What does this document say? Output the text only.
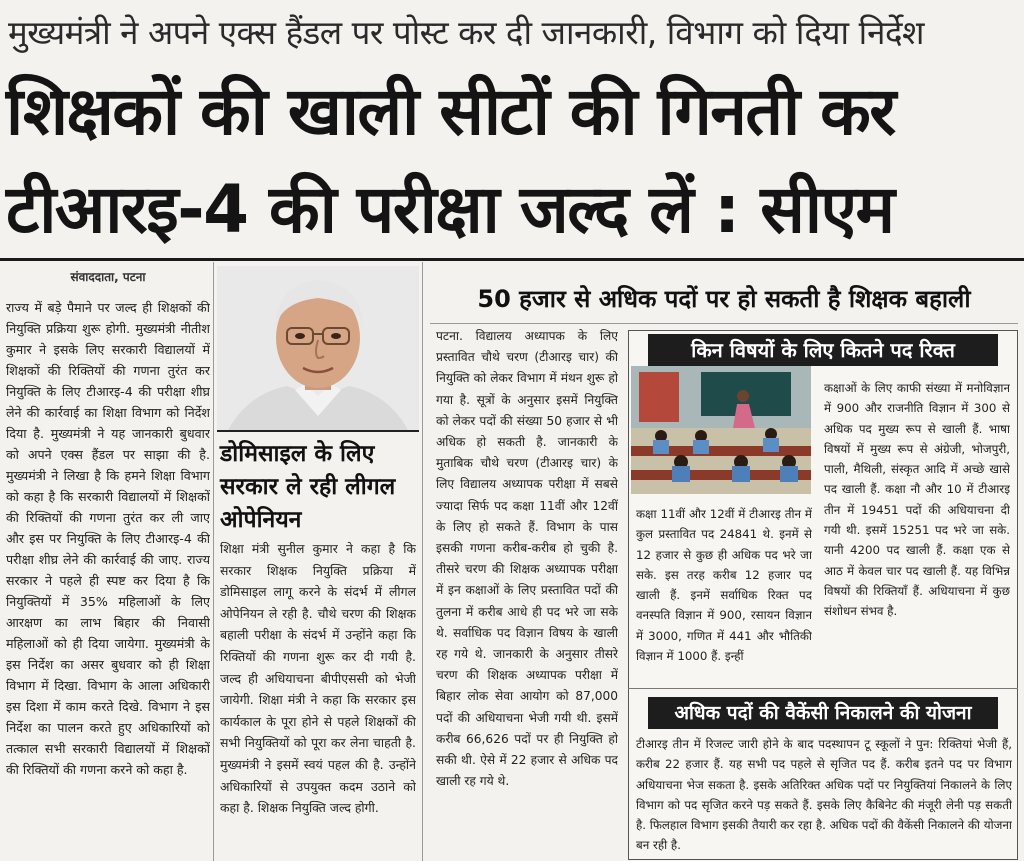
मुख्यमंत्री ने अपने एक्स हैंडल पर पोस्ट कर दी जानकारी, विभाग को दिया निर्देश
शिक्षकों की खाली सीटों की गिनती कर
टीआरइ-4 की परीक्षा जल्द लें : सीएम
संवाददाता, पटना
राज्य में बड़े पैमाने पर जल्द ही शिक्षकों की नियुक्ति प्रक्रिया शुरू होगी. मुख्यमंत्री नीतीश कुमार ने इसके लिए सरकारी विद्यालयों में शिक्षकों की रिक्तियों की गणना तुरंत कर नियुक्ति के लिए टीआरइ-4 की परीक्षा शीघ्र लेने की कार्रवाई का शिक्षा विभाग को निर्देश दिया है. मुख्यमंत्री ने यह जानकारी बुधवार को अपने एक्स हैंडल पर साझा की है. मुख्यमंत्री ने लिखा है कि हमने शिक्षा विभाग को कहा है कि सरकारी विद्यालयों में शिक्षकों की रिक्तियों की गणना तुरंत कर ली जाए और इस पर नियुक्ति के लिए टीआरइ-4 की परीक्षा शीघ्र लेने की कार्रवाई की जाए. राज्य सरकार ने पहले ही स्पष्ट कर दिया है कि नियुक्तियों में 35% महिलाओं के लिए आरक्षण का लाभ बिहार की निवासी महिलाओं को ही दिया जायेगा. मुख्यमंत्री के इस निर्देश का असर बुधवार को ही शिक्षा विभाग में दिखा. विभाग के आला अधिकारी इस दिशा में काम करते दिखे. विभाग ने इस निर्देश का पालन करते हुए अधिकारियों को तत्काल सभी सरकारी विद्यालयों में शिक्षकों की रिक्तियों की गणना करने को कहा है.
डोमिसाइल के लिए सरकार ले रही लीगल ओपेनियन
शिक्षा मंत्री सुनील कुमार ने कहा है कि सरकार शिक्षक नियुक्ति प्रक्रिया में डोमिसाइल लागू करने के संदर्भ में लीगल ओपेनियन ले रही है. चौथे चरण की शिक्षक बहाली परीक्षा के संदर्भ में उन्होंने कहा कि रिक्तियों की गणना शुरू कर दी गयी है. जल्द ही अधियाचना बीपीएससी को भेजी जायेगी. शिक्षा मंत्री ने कहा कि सरकार इस कार्यकाल के पूरा होने से पहले शिक्षकों की सभी नियुक्तियों को पूरा कर लेना चाहती है. मुख्यमंत्री ने इसमें स्वयं पहल की है. उन्होंने अधिकारियों से उपयुक्त कदम उठाने को कहा है. शिक्षक नियुक्ति जल्द होगी.
50 हजार से अधिक पदों पर हो सकती है शिक्षक बहाली
पटना. विद्यालय अध्यापक के लिए प्रस्तावित चौथे चरण (टीआरइ चार) की नियुक्ति को लेकर विभाग में मंथन शुरू हो गया है. सूत्रों के अनुसार इसमें नियुक्ति को लेकर पदों की संख्या 50 हजार से भी अधिक हो सकती है. जानकारी के मुताबिक चौथे चरण (टीआरइ चार) के लिए विद्यालय अध्यापक परीक्षा में सबसे ज्यादा सिर्फ पद कक्षा 11वीं और 12वीं के लिए हो सकते हैं. विभाग के पास इसकी गणना करीब-करीब हो चुकी है. तीसरे चरण की शिक्षक अध्यापक परीक्षा में इन कक्षाओं के लिए प्रस्तावित पदों की तुलना में करीब आधे ही पद भरे जा सके थे. सर्वाधिक पद विज्ञान विषय के खाली रह गये थे. जानकारी के अनुसार तीसरे चरण की शिक्षक अध्यापक परीक्षा में बिहार लोक सेवा आयोग को 87,000 पदों की अधियाचना भेजी गयी थी. इसमें करीब 66,626 पदों पर ही नियुक्ति हो सकी थी. ऐसे में 22 हजार से अधिक पद खाली रह गये थे.
किन विषयों के लिए कितने पद रिक्त
कक्षाओं के लिए काफी संख्या में मनोविज्ञान में 900 और राजनीति विज्ञान में 300 से अधिक पद मुख्य रूप से खाली हैं. भाषा विषयों में मुख्य रूप से अंग्रेजी, भोजपुरी, पाली, मैथिली, संस्कृत आदि में अच्छे खासे पद खाली हैं. कक्षा नौ और 10 में टीआरइ तीन में 19451 पदों की अधियाचना दी गयी थी. इसमें 15251 पद भरे जा सके. यानी 4200 पद खाली हैं. कक्षा एक से आठ में केवल चार पद खाली हैं. यह विभिन्न विषयों की रिक्तियाँ हैं. अधियाचना में कुछ संशोधन संभव है.
कक्षा 11वीं और 12वीं में टीआरइ तीन में कुल प्रस्तावित पद 24841 थे. इनमें से 12 हजार से कुछ ही अधिक पद भरे जा सके. इस तरह करीब 12 हजार पद खाली हैं. इनमें सर्वाधिक रिक्त पद वनस्पति विज्ञान में 900, रसायन विज्ञान में 3000, गणित में 441 और भौतिकी विज्ञान में 1000 हैं. इन्हीं
अधिक पदों की वैकेंसी निकालने की योजना
टीआरइ तीन में रिजल्ट जारी होने के बाद पदस्थापन टू स्कूलों ने पुन: रिक्तियां भेजी हैं, करीब 22 हजार हैं. यह सभी पद पहले से सृजित पद हैं. करीब इतने पद पर विभाग अधियाचना भेज सकता है. इसके अतिरिक्त अधिक पदों पर नियुक्तियां निकालने के लिए विभाग को पद सृजित करने पड़ सकते हैं. इसके लिए कैबिनेट की मंजूरी लेनी पड़ सकती है. फिलहाल विभाग इसकी तैयारी कर रहा है. अधिक पदों की वैकेंसी निकालने की योजना बन रही है.
